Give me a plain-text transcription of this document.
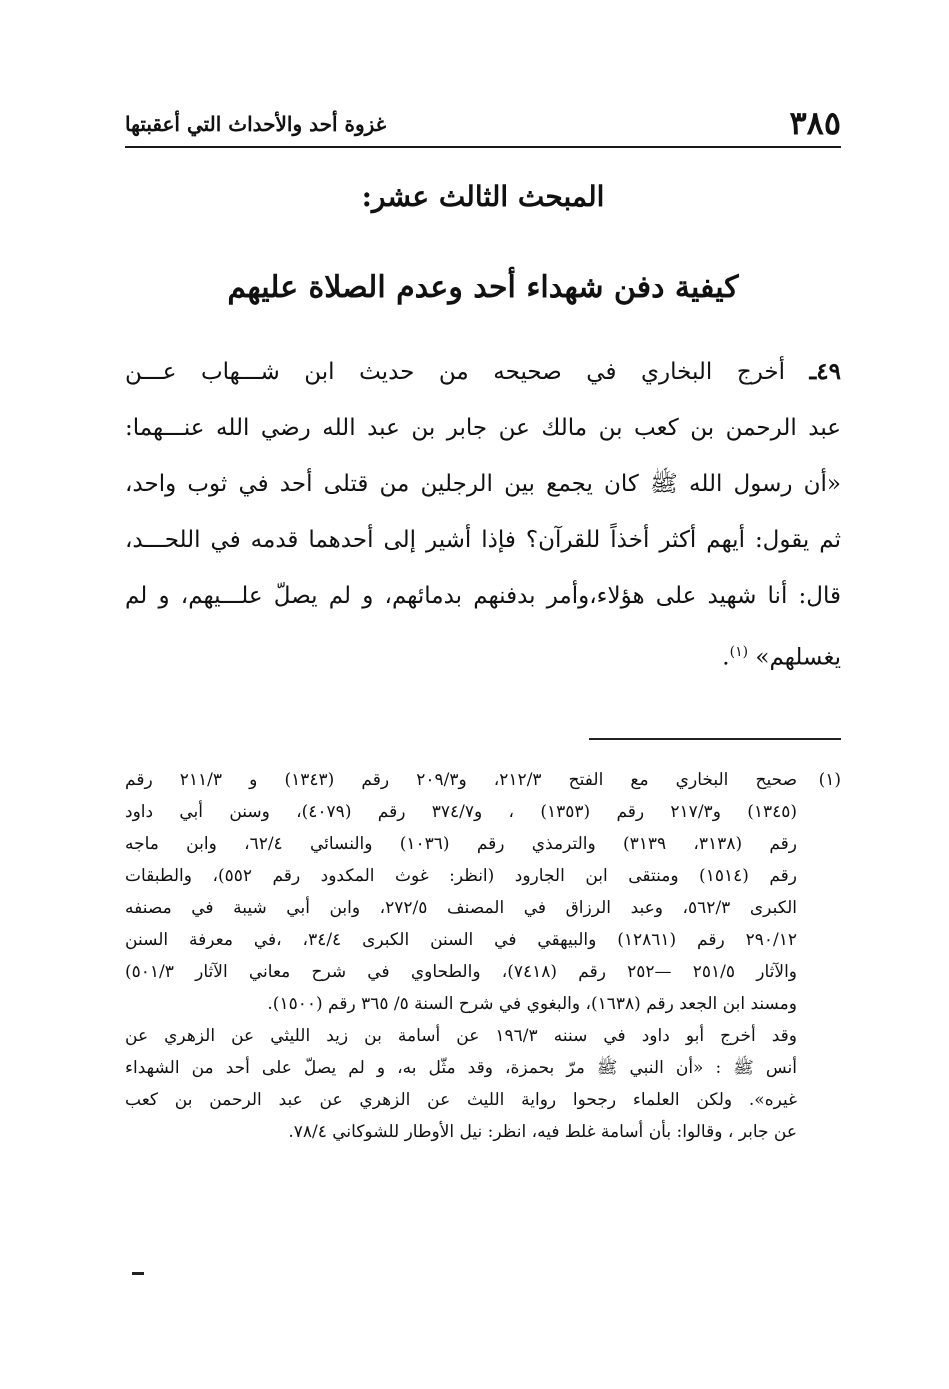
٣٨٥
غزوة أحد والأحداث التي أعقبتها
المبحث الثالث عشر:
كيفية دفن شهداء أحد وعدم الصلاة عليهم
٤٩ـ أخرج البخاري في صحيحه من حديث ابن شـــهاب عـــن
عبد الرحمن بن كعب بن مالك عن جابر بن عبد الله رضي الله عنـــهما:
«أن رسول الله ﷺ كان يجمع بين الرجلين من قتلى أحد في ثوب واحد،
ثم يقول: أيهم أكثر أخذاً للقرآن؟ فإذا أشير إلى أحدهما قدمه في اللحـــد،
قال: أنا شهيد على هؤلاء،وأمر بدفنهم بدمائهم، و لم يصلّ علـــيهم، و لم
يغسلهم» $^{(١)}$.
(١)صحيح البخاري مع الفتح ٢١٢/٣، و٢٠٩/٣ رقم (١٣٤٣) و ٢١١/٣ رقم
(١٣٤٥) و٢١٧/٣ رقم (١٣٥٣) ، و٣٧٤/٧ رقم (٤٠٧٩)، وسنن أبي داود
رقم (٣١٣٨، ٣١٣٩) والترمذي رقم (١٠٣٦) والنسائي ٦٢/٤، وابن ماجه
رقم (١٥١٤) ومنتقى ابن الجارود (انظر: غوث المكدود رقم ٥٥٢)، والطبقات
الكبرى ٥٦٢/٣، وعبد الرزاق في المصنف ٢٧٢/٥، وابن أبي شيبة في مصنفه
٢٩٠/١٢ رقم (١٢٨٦١) والبيهقي في السنن الكبرى ٣٤/٤، ،في معرفة السنن
والآثار ٢٥١/٥ —٢٥٢ رقم (٧٤١٨)، والطحاوي في شرح معاني الآثار ٥٠١/٣)
ومسند ابن الجعد رقم (١٦٣٨)، والبغوي في شرح السنة ٥/ ٣٦٥ رقم (١٥٠٠).
وقد أخرج أبو داود في سننه ١٩٦/٣ عن أسامة بن زيد الليثي عن الزهري عن
أنس ﷺ : «أن النبي ﷺ مرّ بحمزة، وقد مثّل به، و لم يصلّ على أحد من الشهداء
غيره». ولكن العلماء رجحوا رواية الليث عن الزهري عن عبد الرحمن بن كعب
عن جابر ، وقالوا: بأن أسامة غلط فيه، انظر: نيل الأوطار للشوكاني ٧٨/٤.
